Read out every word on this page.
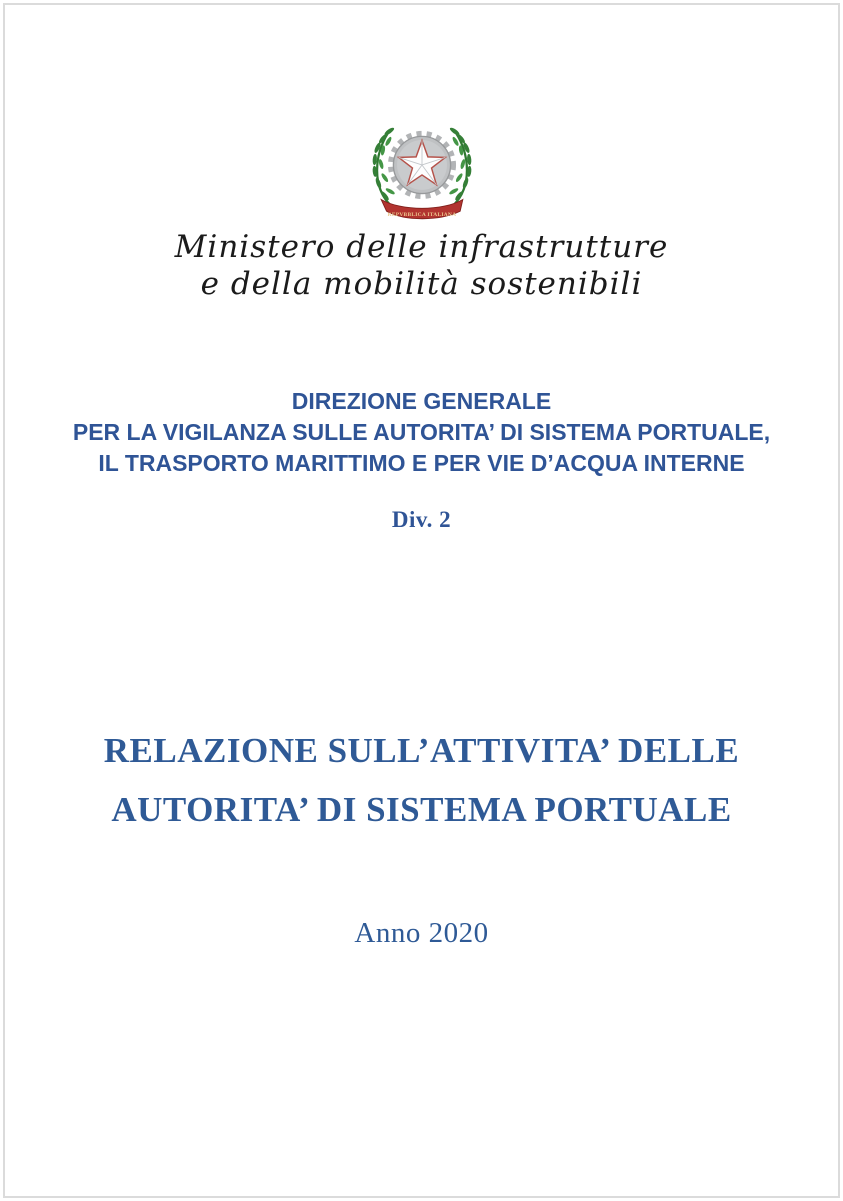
REPVBBLICA ITALIANA
Ministero delle infrastrutture
e della mobilità sostenibili
DIREZIONE GENERALE
PER LA VIGILANZA SULLE AUTORITA’ DI SISTEMA PORTUALE,
IL TRASPORTO MARITTIMO E PER VIE D’ACQUA INTERNE
Div. 2
RELAZIONE SULL’ATTIVITA’ DELLE
AUTORITA’ DI SISTEMA PORTUALE
Anno 2020
